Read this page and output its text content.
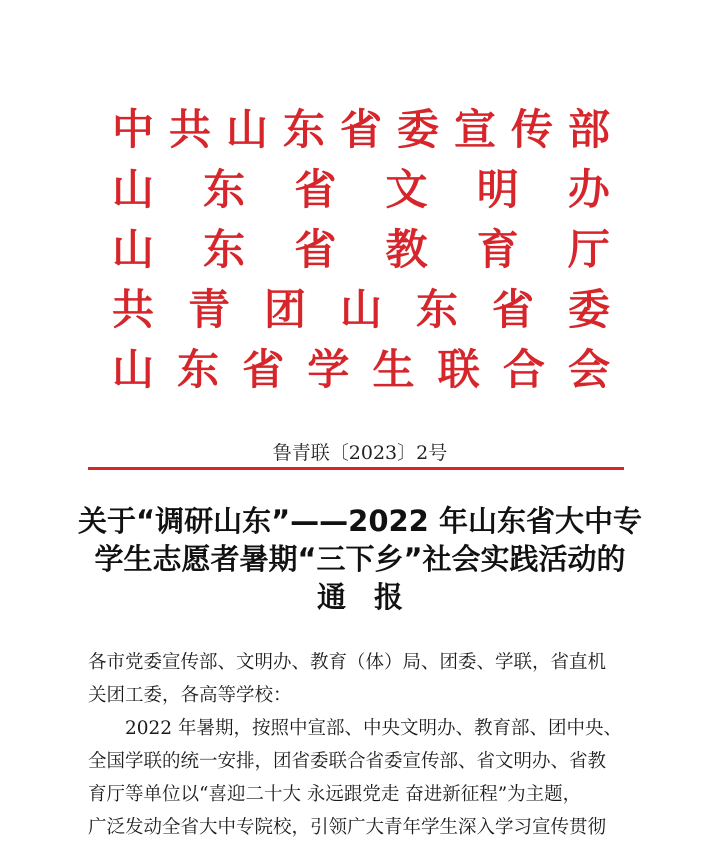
中 共 山 东 省 委 宣 传 部
山 东 省 文 明 办
山 东 省 教 育 厅
共 青 团 山 东 省 委
山 东 省 学 生 联 合 会
鲁青联〔2023〕2号
关于“调研山东”——2022 年山东省大中专
学生志愿者暑期“三下乡”社会实践活动的
通报
各市党委宣传部、文明办、教育（体）局、团委、学联，省直机
关团工委，各高等学校：
2022 年暑期，按照中宣部、中央文明办、教育部、团中央、
全国学联的统一安排，团省委联合省委宣传部、省文明办、省教
育厅等单位以“喜迎二十大 永远跟党走 奋进新征程”为主题，
广泛发动全省大中专院校，引领广大青年学生深入学习宣传贯彻
